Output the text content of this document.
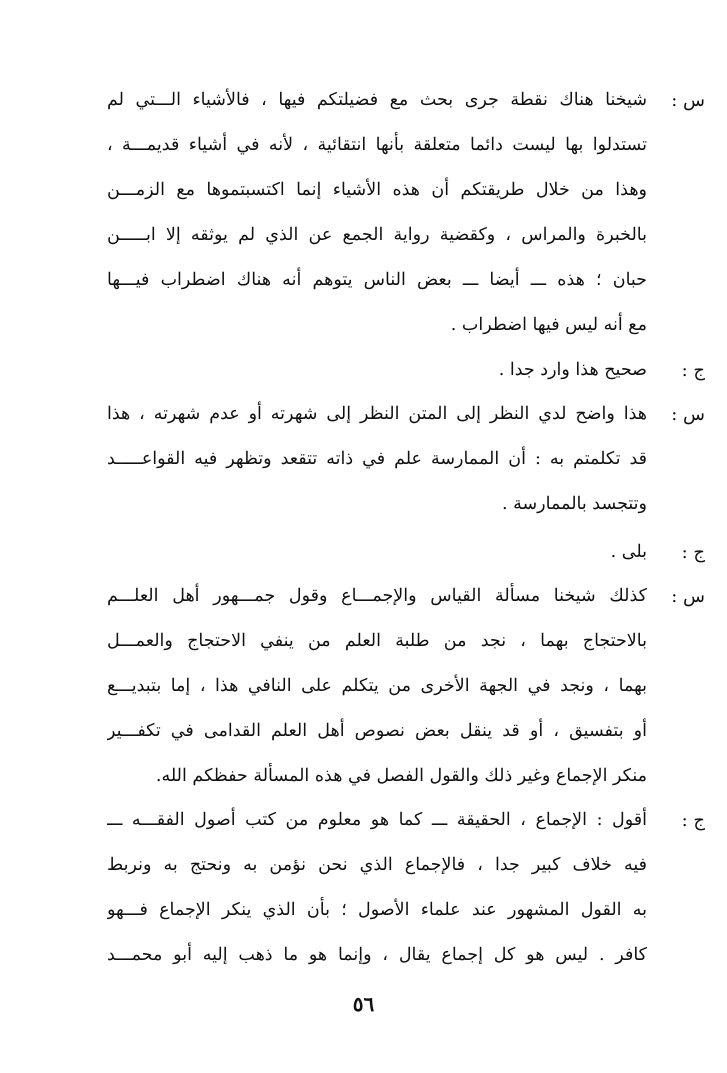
س :
شيخنا هناك نقطة جرى بحث مع فضيلتكم فيها ، فالأشياء الـــتي لم
تستدلوا بها ليست دائما متعلقة بأنها انتقائية ، لأنه في أشياء قديمـــة ،
وهذا من خلال طريقتكم أن هذه الأشياء إنما اكتسبتموها مع الزمـــن
بالخبرة والمراس ، وكقضية رواية الجمع عن الذي لم يوثقه إلا ابـــــن
حبان ؛ هذه ـــ أيضا ـــ بعض الناس يتوهم أنه هناك اضطراب فيـــها
مع أنه ليس فيها اضطراب .
ج :
صحيح هذا وارد جدا .
س :
هذا واضح لدي النظر إلى المتن النظر إلى شهرته أو عدم شهرته ، هذا
قد تكلمتم به : أن الممارسة علم في ذاته تتقعد وتظهر فيه القواعـــــد
وتتجسد بالممارسة .
ج :
بلى .
س :
كذلك شيخنا مسألة القياس والإجمـــاع وقول جمـــهور أهل العلـــم
بالاحتجاج بهما ، نجد من طلبة العلم من ينفي الاحتجاج والعمـــل
بهما ، ونجد في الجهة الأخرى من يتكلم على النافي هذا ، إما بتبديـــع
أو بتفسيق ، أو قد ينقل بعض نصوص أهل العلم القدامى في تكفـــير
منكر الإجماع وغير ذلك والقول الفصل في هذه المسألة حفظكم الله.
ج :
أقول : الإجماع ، الحقيقة ـــ كما هو معلوم من كتب أصول الفقـــه ـــ
فيه خلاف كبير جدا ، فالإجماع الذي نحن نؤمن به ونحتج به ونربط
به القول المشهور عند علماء الأصول ؛ بأن الذي ينكر الإجماع فـــهو
كافر . ليس هو كل إجماع يقال ، وإنما هو ما ذهب إليه أبو محمـــد
٥٦
